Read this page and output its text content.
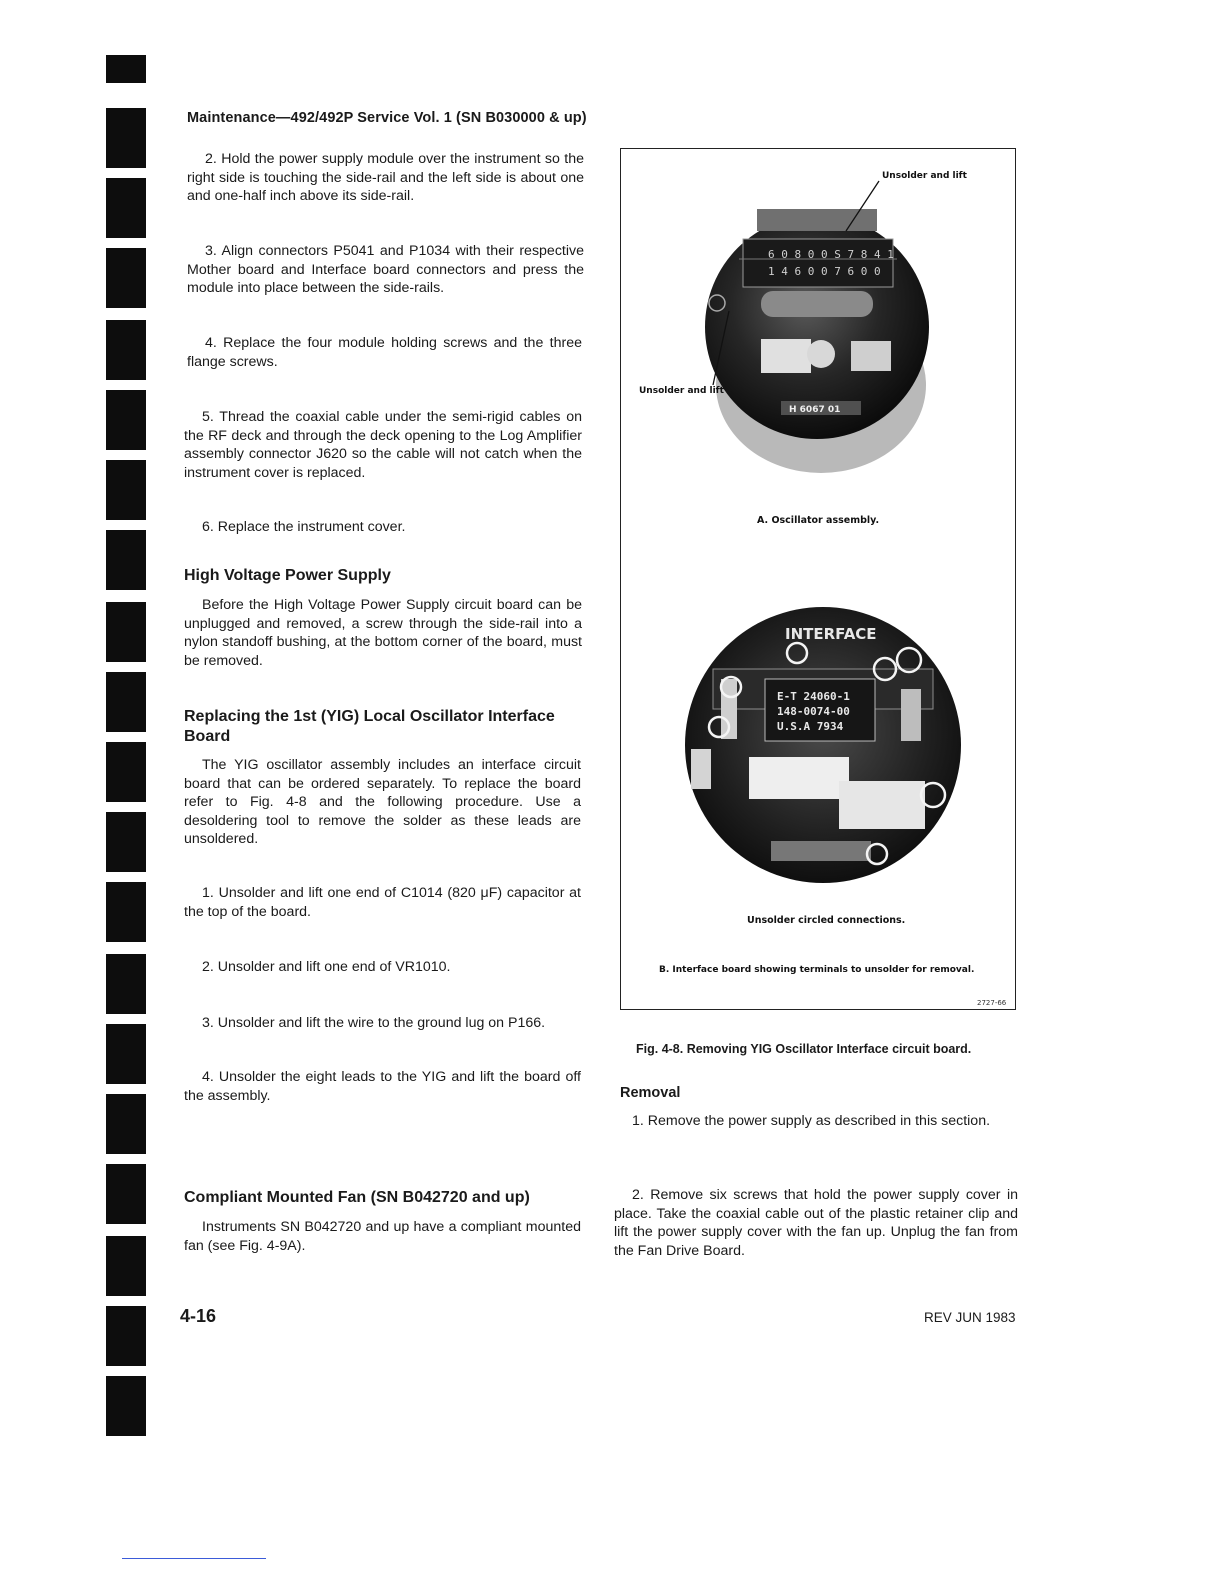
Maintenance—492/492P Service Vol. 1 (SN B030000 & up)

2. Hold the power supply module over the instrument so the right side is touching the side-rail and the left side is about one and one-half inch above its side-rail.

3. Align connectors P5041 and P1034 with their respective Mother board and Interface board connectors and press the module into place between the side-rails.

4. Replace the four module holding screws and the three flange screws.

5. Thread the coaxial cable under the semi-rigid cables on the RF deck and through the deck opening to the Log Amplifier assembly connector J620 so the cable will not catch when the instrument cover is replaced.

6. Replace the instrument cover.

High Voltage Power Supply

Before the High Voltage Power Supply circuit board can be unplugged and removed, a screw through the side-rail into a nylon standoff bushing, at the bottom corner of the board, must be removed.

Replacing the 1st (YIG) Local Oscillator Interface Board

The YIG oscillator assembly includes an interface circuit board that can be ordered separately. To replace the board refer to Fig. 4-8 and the following procedure. Use a desoldering tool to remove the solder as these leads are unsoldered.

1. Unsolder and lift one end of C1014 (820 μF) capacitor at the top of the board.

2. Unsolder and lift one end of VR1010.

3. Unsolder and lift the wire to the ground lug on P166.

4. Unsolder the eight leads to the YIG and lift the board off the assembly.

Compliant Mounted Fan (SN B042720 and up)

Instruments SN B042720 and up have a compliant mounted fan (see Fig. 4-9A).

Unsolder and lift
Unsolder and lift
6 0 8 0 0 S 7 8 4 1
1 4 6 0 0 7 6 0 0
H 6067 01
A. Oscillator assembly.
INTERFACE
E-T 24060-1
148-0074-00
U.S.A 7934
Unsolder circled connections.
B. Interface board showing terminals to unsolder for removal.
2727-66
Fig. 4-8. Removing YIG Oscillator Interface circuit board.
Removal

1. Remove the power supply as described in this section.

2. Remove six screws that hold the power supply cover in place. Take the coaxial cable out of the plastic retainer clip and lift the power supply cover with the fan up. Unplug the fan from the Fan Drive Board.

4-16	REV JUN 1983
